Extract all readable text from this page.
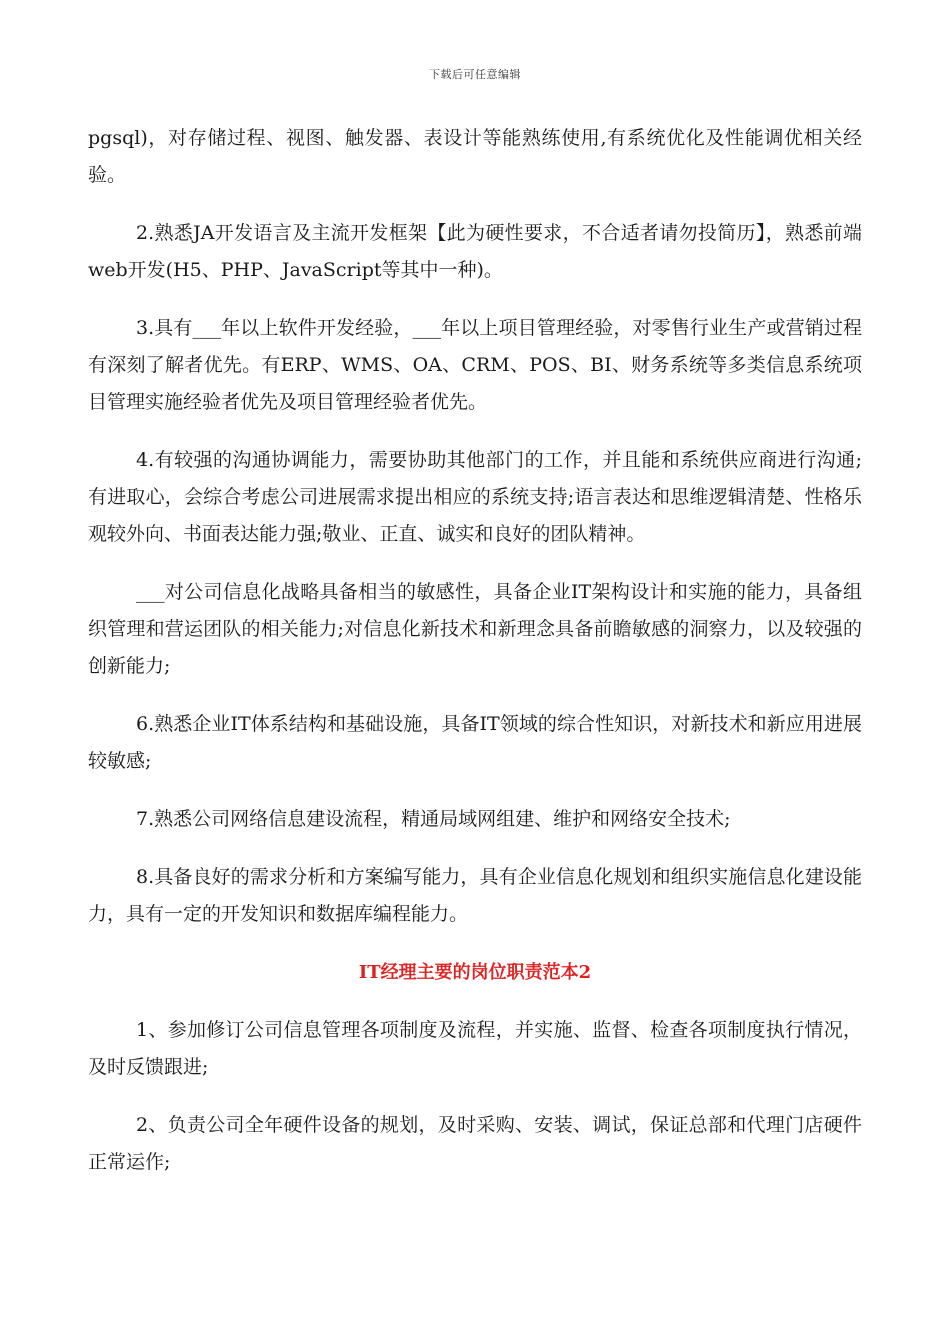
下载后可任意编辑

pgsql)，对存储过程、视图、触发器、表设计等能熟练使用,有系统优化及性能调优相关经验。

2.熟悉JA开发语言及主流开发框架【此为硬性要求，不合适者请勿投简历】，熟悉前端web开发(H5、PHP、JavaScript等其中一种)。

3.具有___年以上软件开发经验，___年以上项目管理经验，对零售行业生产或营销过程有深刻了解者优先。有ERP、WMS、OA、CRM、POS、BI、财务系统等多类信息系统项目管理实施经验者优先及项目管理经验者优先。

4.有较强的沟通协调能力，需要协助其他部门的工作，并且能和系统供应商进行沟通;有进取心，会综合考虑公司进展需求提出相应的系统支持;语言表达和思维逻辑清楚、性格乐观较外向、书面表达能力强;敬业、正直、诚实和良好的团队精神。

___对公司信息化战略具备相当的敏感性，具备企业IT架构设计和实施的能力，具备组织管理和营运团队的相关能力;对信息化新技术和新理念具备前瞻敏感的洞察力，以及较强的创新能力;

6.熟悉企业IT体系结构和基础设施，具备IT领域的综合性知识，对新技术和新应用进展较敏感;

7.熟悉公司网络信息建设流程，精通局域网组建、维护和网络安全技术;

8.具备良好的需求分析和方案编写能力，具有企业信息化规划和组织实施信息化建设能力，具有一定的开发知识和数据库编程能力。

IT经理主要的岗位职责范本2

1、参加修订公司信息管理各项制度及流程，并实施、监督、检查各项制度执行情况，及时反馈跟进;

2、负责公司全年硬件设备的规划，及时采购、安装、调试，保证总部和代理门店硬件正常运作;
